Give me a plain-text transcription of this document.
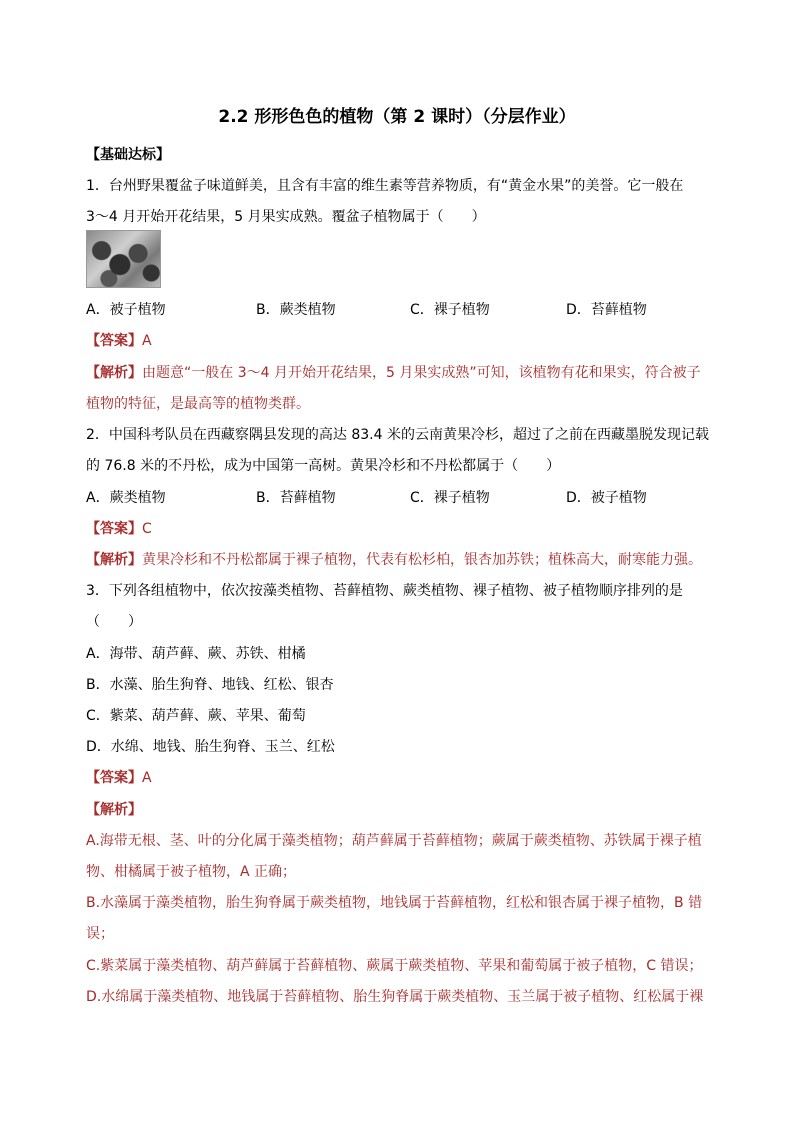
2.2 形形色色的植物（第 2 课时）（分层作业）
【基础达标】
1．台州野果覆盆子味道鲜美，且含有丰富的维生素等营养物质，有“黄金水果”的美誉。它一般在
3～4 月开始开花结果，5 月果实成熟。覆盆子植物属于（　　）
A．被子植物	B．蕨类植物	C．裸子植物	D．苔藓植物
【答案】A
【解析】由题意“一般在 3～4 月开始开花结果，5 月果实成熟”可知，该植物有花和果实，符合被子
植物的特征，是最高等的植物类群。
2．中国科考队员在西藏察隅县发现的高达 83.4 米的云南黄果冷杉，超过了之前在西藏墨脱发现记载
的 76.8 米的不丹松，成为中国第一高树。黄果冷杉和不丹松都属于（　　）
A．蕨类植物	B．苔藓植物	C．裸子植物	D．被子植物
【答案】C
【解析】黄果冷杉和不丹松都属于裸子植物，代表有松杉柏，银杏加苏铁；植株高大，耐寒能力强。
3．下列各组植物中，依次按藻类植物、苔藓植物、蕨类植物、裸子植物、被子植物顺序排列的是
（　　）
A．海带、葫芦藓、蕨、苏铁、柑橘
B．水藻、胎生狗脊、地钱、红松、银杏
C．紫菜、葫芦藓、蕨、苹果、葡萄
D．水绵、地钱、胎生狗脊、玉兰、红松
【答案】A
【解析】
A.海带无根、茎、叶的分化属于藻类植物；葫芦藓属于苔藓植物；蕨属于蕨类植物、苏铁属于裸子植
物、柑橘属于被子植物，A 正确；
B.水藻属于藻类植物，胎生狗脊属于蕨类植物，地钱属于苔藓植物，红松和银杏属于裸子植物，B 错
误；
C.紫菜属于藻类植物、葫芦藓属于苔藓植物、蕨属于蕨类植物、苹果和葡萄属于被子植物，C 错误；
D.水绵属于藻类植物、地钱属于苔藓植物、胎生狗脊属于蕨类植物、玉兰属于被子植物、红松属于裸
